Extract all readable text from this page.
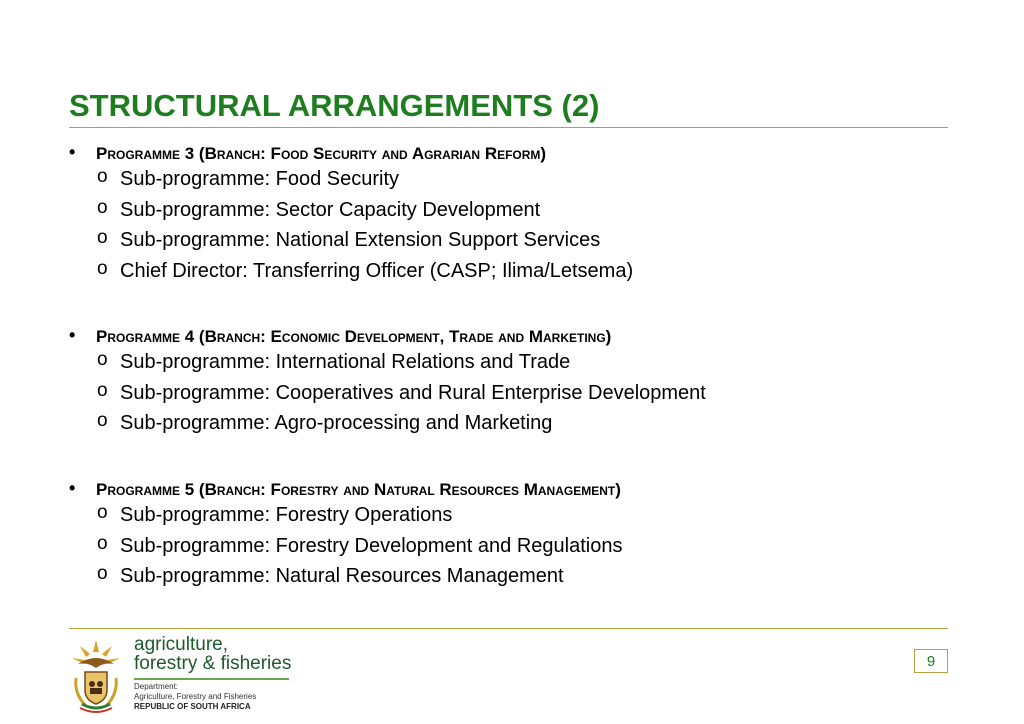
STRUCTURAL ARRANGEMENTS (2)
• Programme 3 (Branch: Food Security and Agrarian Reform)
o Sub-programme: Food Security
o Sub-programme: Sector Capacity Development
o Sub-programme: National Extension Support Services
o Chief Director: Transferring Officer (CASP; Ilima/Letsema)
• Programme 4 (Branch: Economic Development, Trade and Marketing)
o Sub-programme: International Relations and Trade
o Sub-programme: Cooperatives and Rural Enterprise Development
o Sub-programme: Agro-processing and Marketing
• Programme 5 (Branch: Forestry and Natural Resources Management)
o Sub-programme: Forestry Operations
o Sub-programme: Forestry Development and Regulations
o Sub-programme: Natural Resources Management
agriculture,
forestry & fisheries
Department:
Agriculture, Forestry and Fisheries
REPUBLIC OF SOUTH AFRICA
9
